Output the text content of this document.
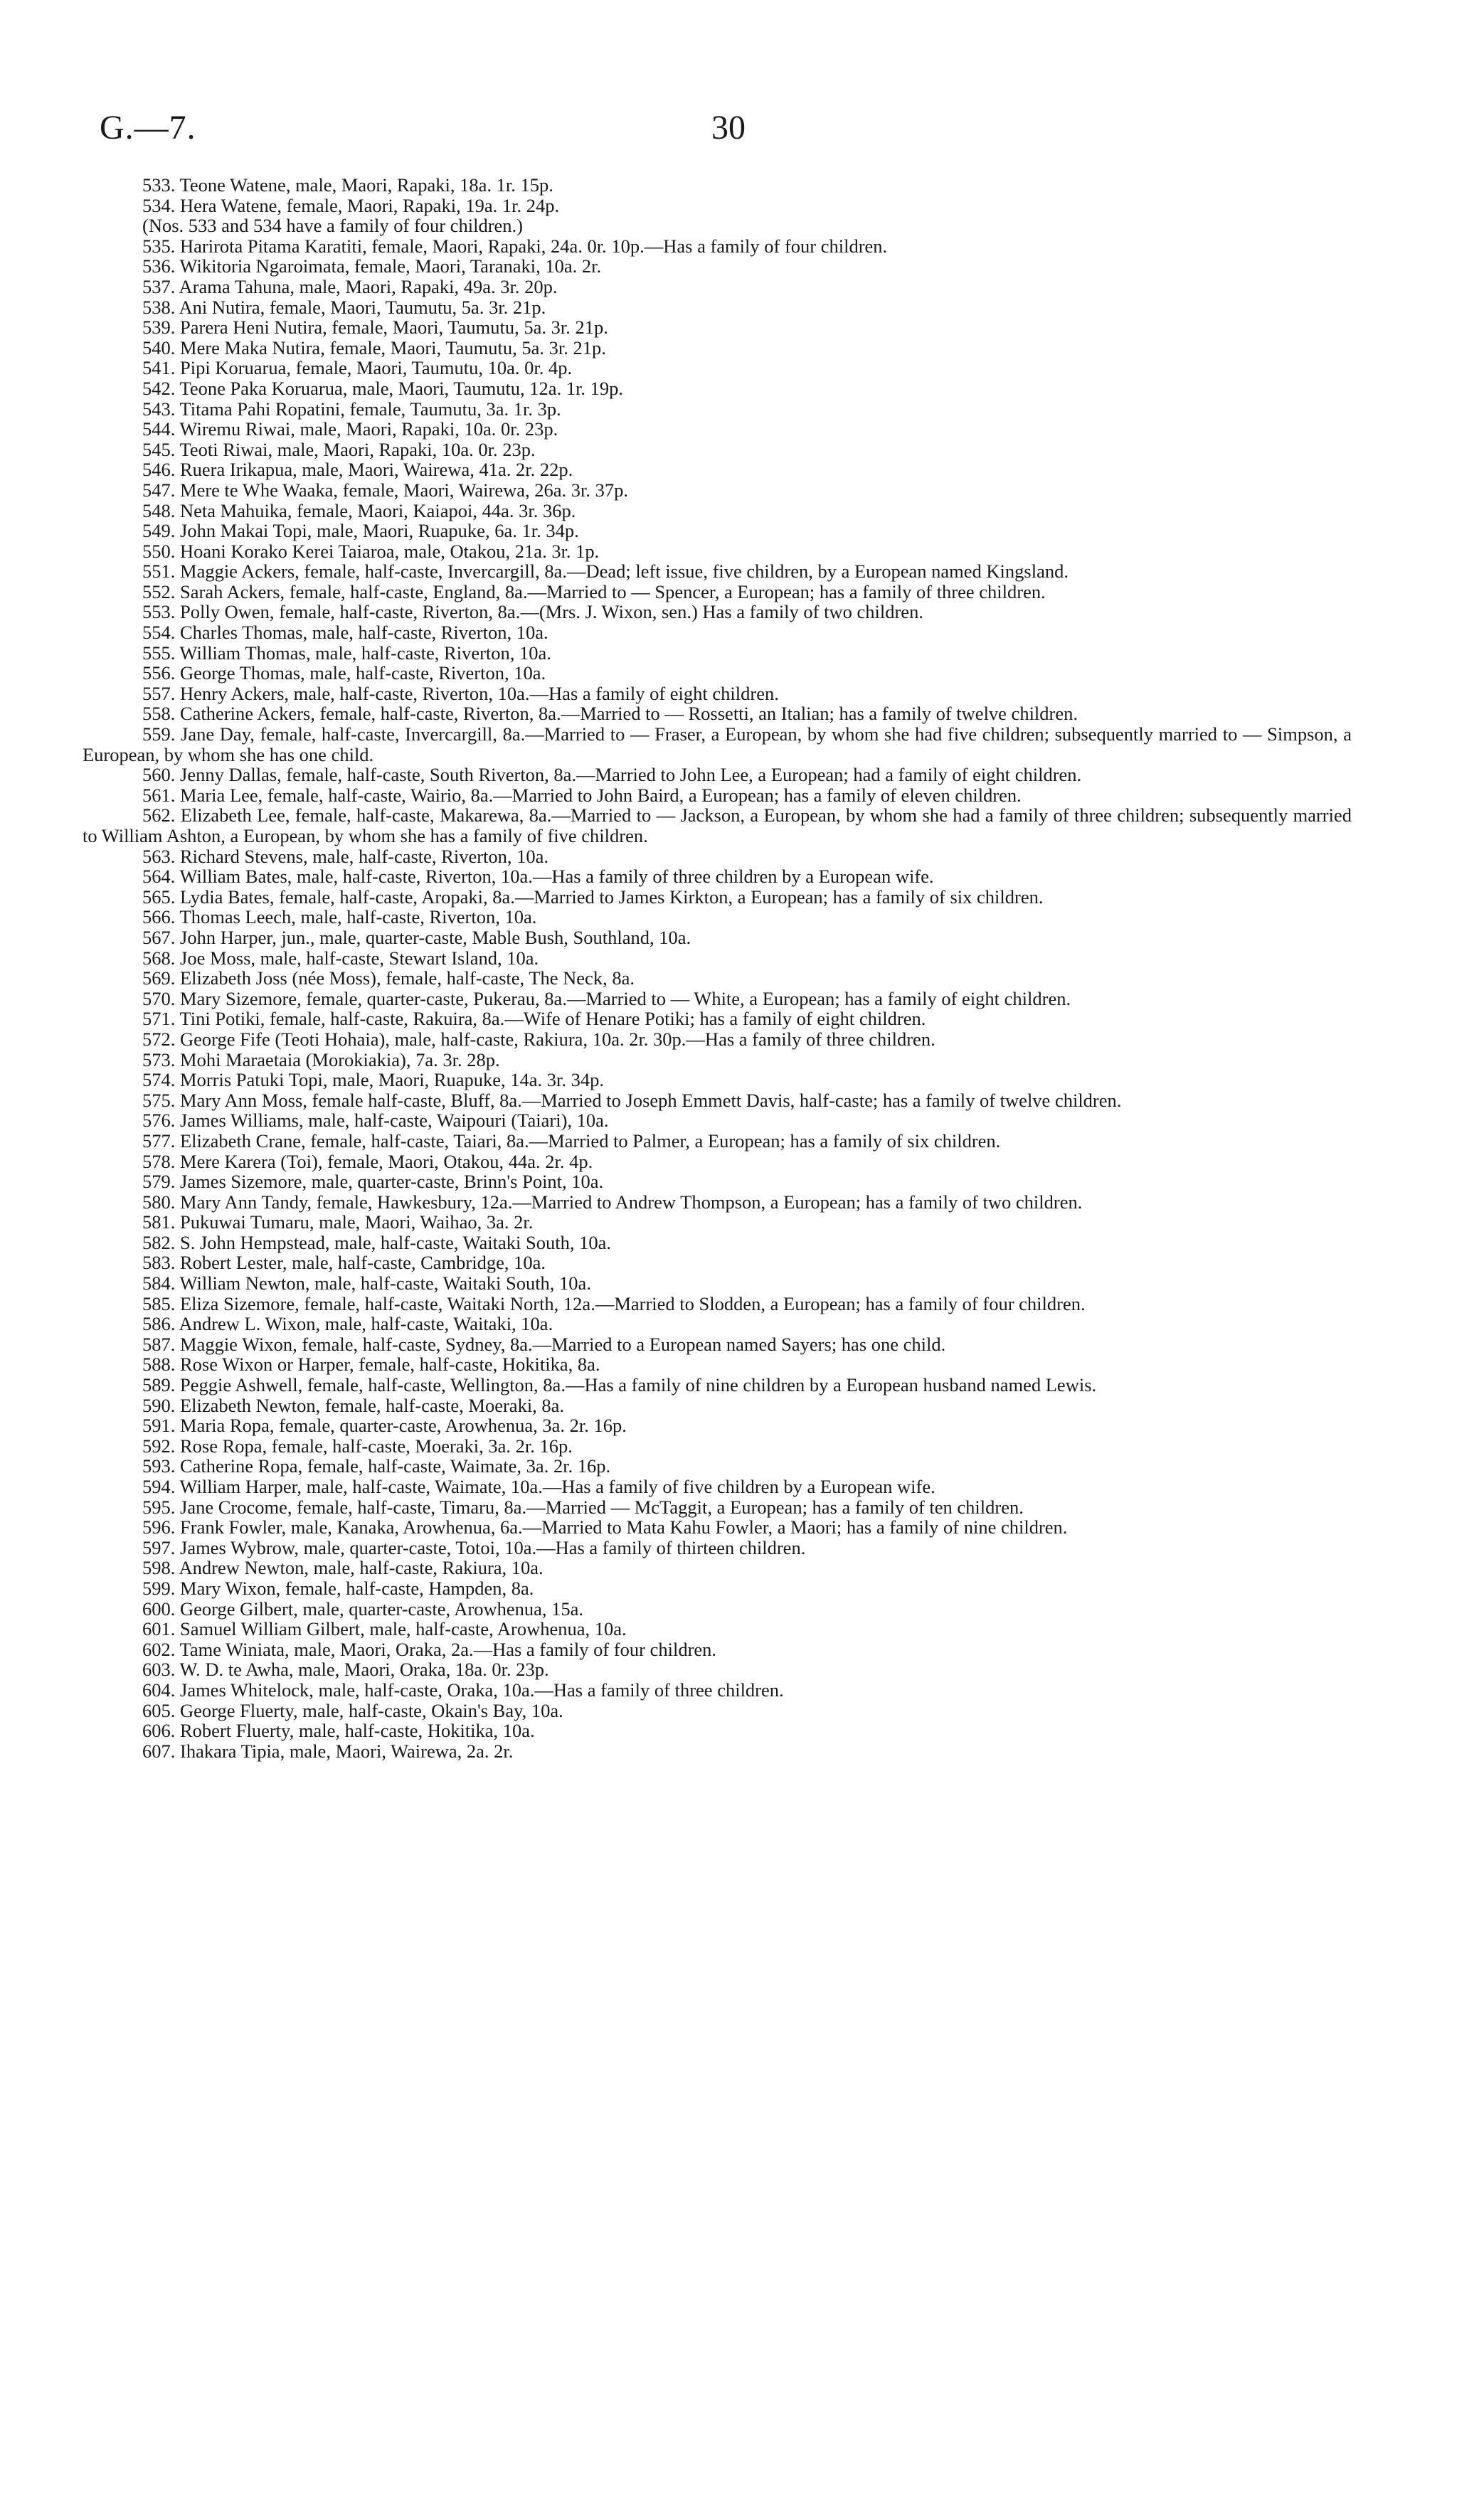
G.—7.	30
533. Teone Watene, male, Maori, Rapaki, 18a. 1r. 15p.
534. Hera Watene, female, Maori, Rapaki, 19a. 1r. 24p.
(Nos. 533 and 534 have a family of four children.)
535. Harirota Pitama Karatiti, female, Maori, Rapaki, 24a. 0r. 10p.—Has a family of four children.
536. Wikitoria Ngaroimata, female, Maori, Taranaki, 10a. 2r.
537. Arama Tahuna, male, Maori, Rapaki, 49a. 3r. 20p.
538. Ani Nutira, female, Maori, Taumutu, 5a. 3r. 21p.
539. Parera Heni Nutira, female, Maori, Taumutu, 5a. 3r. 21p.
540. Mere Maka Nutira, female, Maori, Taumutu, 5a. 3r. 21p.
541. Pipi Koruarua, female, Maori, Taumutu, 10a. 0r. 4p.
542. Teone Paka Koruarua, male, Maori, Taumutu, 12a. 1r. 19p.
543. Titama Pahi Ropatini, female, Taumutu, 3a. 1r. 3p.
544. Wiremu Riwai, male, Maori, Rapaki, 10a. 0r. 23p.
545. Teoti Riwai, male, Maori, Rapaki, 10a. 0r. 23p.
546. Ruera Irikapua, male, Maori, Wairewa, 41a. 2r. 22p.
547. Mere te Whe Waaka, female, Maori, Wairewa, 26a. 3r. 37p.
548. Neta Mahuika, female, Maori, Kaiapoi, 44a. 3r. 36p.
549. John Makai Topi, male, Maori, Ruapuke, 6a. 1r. 34p.
550. Hoani Korako Kerei Taiaroa, male, Otakou, 21a. 3r. 1p.
551. Maggie Ackers, female, half-caste, Invercargill, 8a.—Dead; left issue, five children, by a European named Kingsland.
552. Sarah Ackers, female, half-caste, England, 8a.—Married to — Spencer, a European; has a family of three children.
553. Polly Owen, female, half-caste, Riverton, 8a.—(Mrs. J. Wixon, sen.) Has a family of two children.
554. Charles Thomas, male, half-caste, Riverton, 10a.
555. William Thomas, male, half-caste, Riverton, 10a.
556. George Thomas, male, half-caste, Riverton, 10a.
557. Henry Ackers, male, half-caste, Riverton, 10a.—Has a family of eight children.
558. Catherine Ackers, female, half-caste, Riverton, 8a.—Married to — Rossetti, an Italian; has a family of twelve children.
559. Jane Day, female, half-caste, Invercargill, 8a.—Married to — Fraser, a European, by whom she had five children; subsequently married to — Simpson, a European, by whom she has one child.
560. Jenny Dallas, female, half-caste, South Riverton, 8a.—Married to John Lee, a European; had a family of eight children.
561. Maria Lee, female, half-caste, Wairio, 8a.—Married to John Baird, a European; has a family of eleven children.
562. Elizabeth Lee, female, half-caste, Makarewa, 8a.—Married to — Jackson, a European, by whom she had a family of three children; subsequently married to William Ashton, a European, by whom she has a family of five children.
563. Richard Stevens, male, half-caste, Riverton, 10a.
564. William Bates, male, half-caste, Riverton, 10a.—Has a family of three children by a European wife.
565. Lydia Bates, female, half-caste, Aropaki, 8a.—Married to James Kirkton, a European; has a family of six children.
566. Thomas Leech, male, half-caste, Riverton, 10a.
567. John Harper, jun., male, quarter-caste, Mable Bush, Southland, 10a.
568. Joe Moss, male, half-caste, Stewart Island, 10a.
569. Elizabeth Joss (née Moss), female, half-caste, The Neck, 8a.
570. Mary Sizemore, female, quarter-caste, Pukerau, 8a.—Married to — White, a European; has a family of eight children.
571. Tini Potiki, female, half-caste, Rakuira, 8a.—Wife of Henare Potiki; has a family of eight children.
572. George Fife (Teoti Hohaia), male, half-caste, Rakiura, 10a. 2r. 30p.—Has a family of three children.
573. Mohi Maraetaia (Morokiakia), 7a. 3r. 28p.
574. Morris Patuki Topi, male, Maori, Ruapuke, 14a. 3r. 34p.
575. Mary Ann Moss, female half-caste, Bluff, 8a.—Married to Joseph Emmett Davis, half-caste; has a family of twelve children.
576. James Williams, male, half-caste, Waipouri (Taiari), 10a.
577. Elizabeth Crane, female, half-caste, Taiari, 8a.—Married to Palmer, a European; has a family of six children.
578. Mere Karera (Toi), female, Maori, Otakou, 44a. 2r. 4p.
579. James Sizemore, male, quarter-caste, Brinn's Point, 10a.
580. Mary Ann Tandy, female, Hawkesbury, 12a.—Married to Andrew Thompson, a European; has a family of two children.
581. Pukuwai Tumaru, male, Maori, Waihao, 3a. 2r.
582. S. John Hempstead, male, half-caste, Waitaki South, 10a.
583. Robert Lester, male, half-caste, Cambridge, 10a.
584. William Newton, male, half-caste, Waitaki South, 10a.
585. Eliza Sizemore, female, half-caste, Waitaki North, 12a.—Married to Slodden, a European; has a family of four children.
586. Andrew L. Wixon, male, half-caste, Waitaki, 10a.
587. Maggie Wixon, female, half-caste, Sydney, 8a.—Married to a European named Sayers; has one child.
588. Rose Wixon or Harper, female, half-caste, Hokitika, 8a.
589. Peggie Ashwell, female, half-caste, Wellington, 8a.—Has a family of nine children by a European husband named Lewis.
590. Elizabeth Newton, female, half-caste, Moeraki, 8a.
591. Maria Ropa, female, quarter-caste, Arowhenua, 3a. 2r. 16p.
592. Rose Ropa, female, half-caste, Moeraki, 3a. 2r. 16p.
593. Catherine Ropa, female, half-caste, Waimate, 3a. 2r. 16p.
594. William Harper, male, half-caste, Waimate, 10a.—Has a family of five children by a European wife.
595. Jane Crocome, female, half-caste, Timaru, 8a.—Married — McTaggit, a European; has a family of ten children.
596. Frank Fowler, male, Kanaka, Arowhenua, 6a.—Married to Mata Kahu Fowler, a Maori; has a family of nine children.
597. James Wybrow, male, quarter-caste, Totoi, 10a.—Has a family of thirteen children.
598. Andrew Newton, male, half-caste, Rakiura, 10a.
599. Mary Wixon, female, half-caste, Hampden, 8a.
600. George Gilbert, male, quarter-caste, Arowhenua, 15a.
601. Samuel William Gilbert, male, half-caste, Arowhenua, 10a.
602. Tame Winiata, male, Maori, Oraka, 2a.—Has a family of four children.
603. W. D. te Awha, male, Maori, Oraka, 18a. 0r. 23p.
604. James Whitelock, male, half-caste, Oraka, 10a.—Has a family of three children.
605. George Fluerty, male, half-caste, Okain's Bay, 10a.
606. Robert Fluerty, male, half-caste, Hokitika, 10a.
607. Ihakara Tipia, male, Maori, Wairewa, 2a. 2r.
